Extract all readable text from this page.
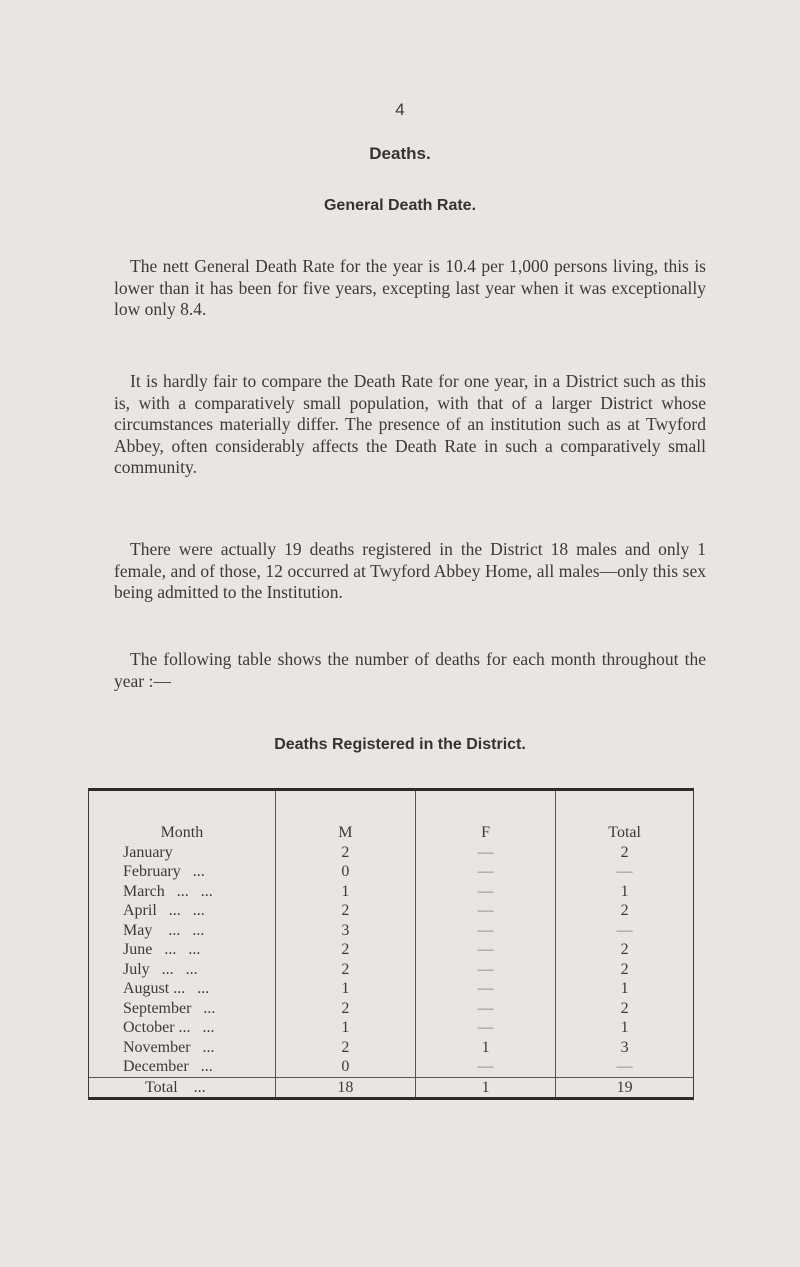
4
Deaths.
General Death Rate.

The nett General Death Rate for the year is 10.4 per 1,000 persons living, this is lower than it has been for five years, excepting last year when it was exceptionally low only 8.4.

It is hardly fair to compare the Death Rate for one year, in a District such as this is, with a comparatively small population, with that of a larger District whose circumstances materially differ. The presence of an institution such as at Twyford Abbey, often considerably affects the Death Rate in such a comparatively small community.

There were actually 19 deaths registered in the District 18 males and only 1 female, and of those, 12 occurred at Twyford Abbey Home, all males—only this sex being admitted to the Institution.

The following table shows the number of deaths for each month throughout the year :—

Deaths Registered in the District.
Month	M	F	Total
January	2	—	2
February   ...	0	—	—
March   ...   ...	1	—	1
April   ...   ...	2	—	2
May    ...   ...	3	—	—
June   ...   ...	2	—	2
July   ...   ...	2	—	2
August ...   ...	1	—	1
September   ...	2	—	2
October ...   ...	1	—	1
November   ...	2	1	3
December   ...	0	—	—
Total    ...	18	1	19
